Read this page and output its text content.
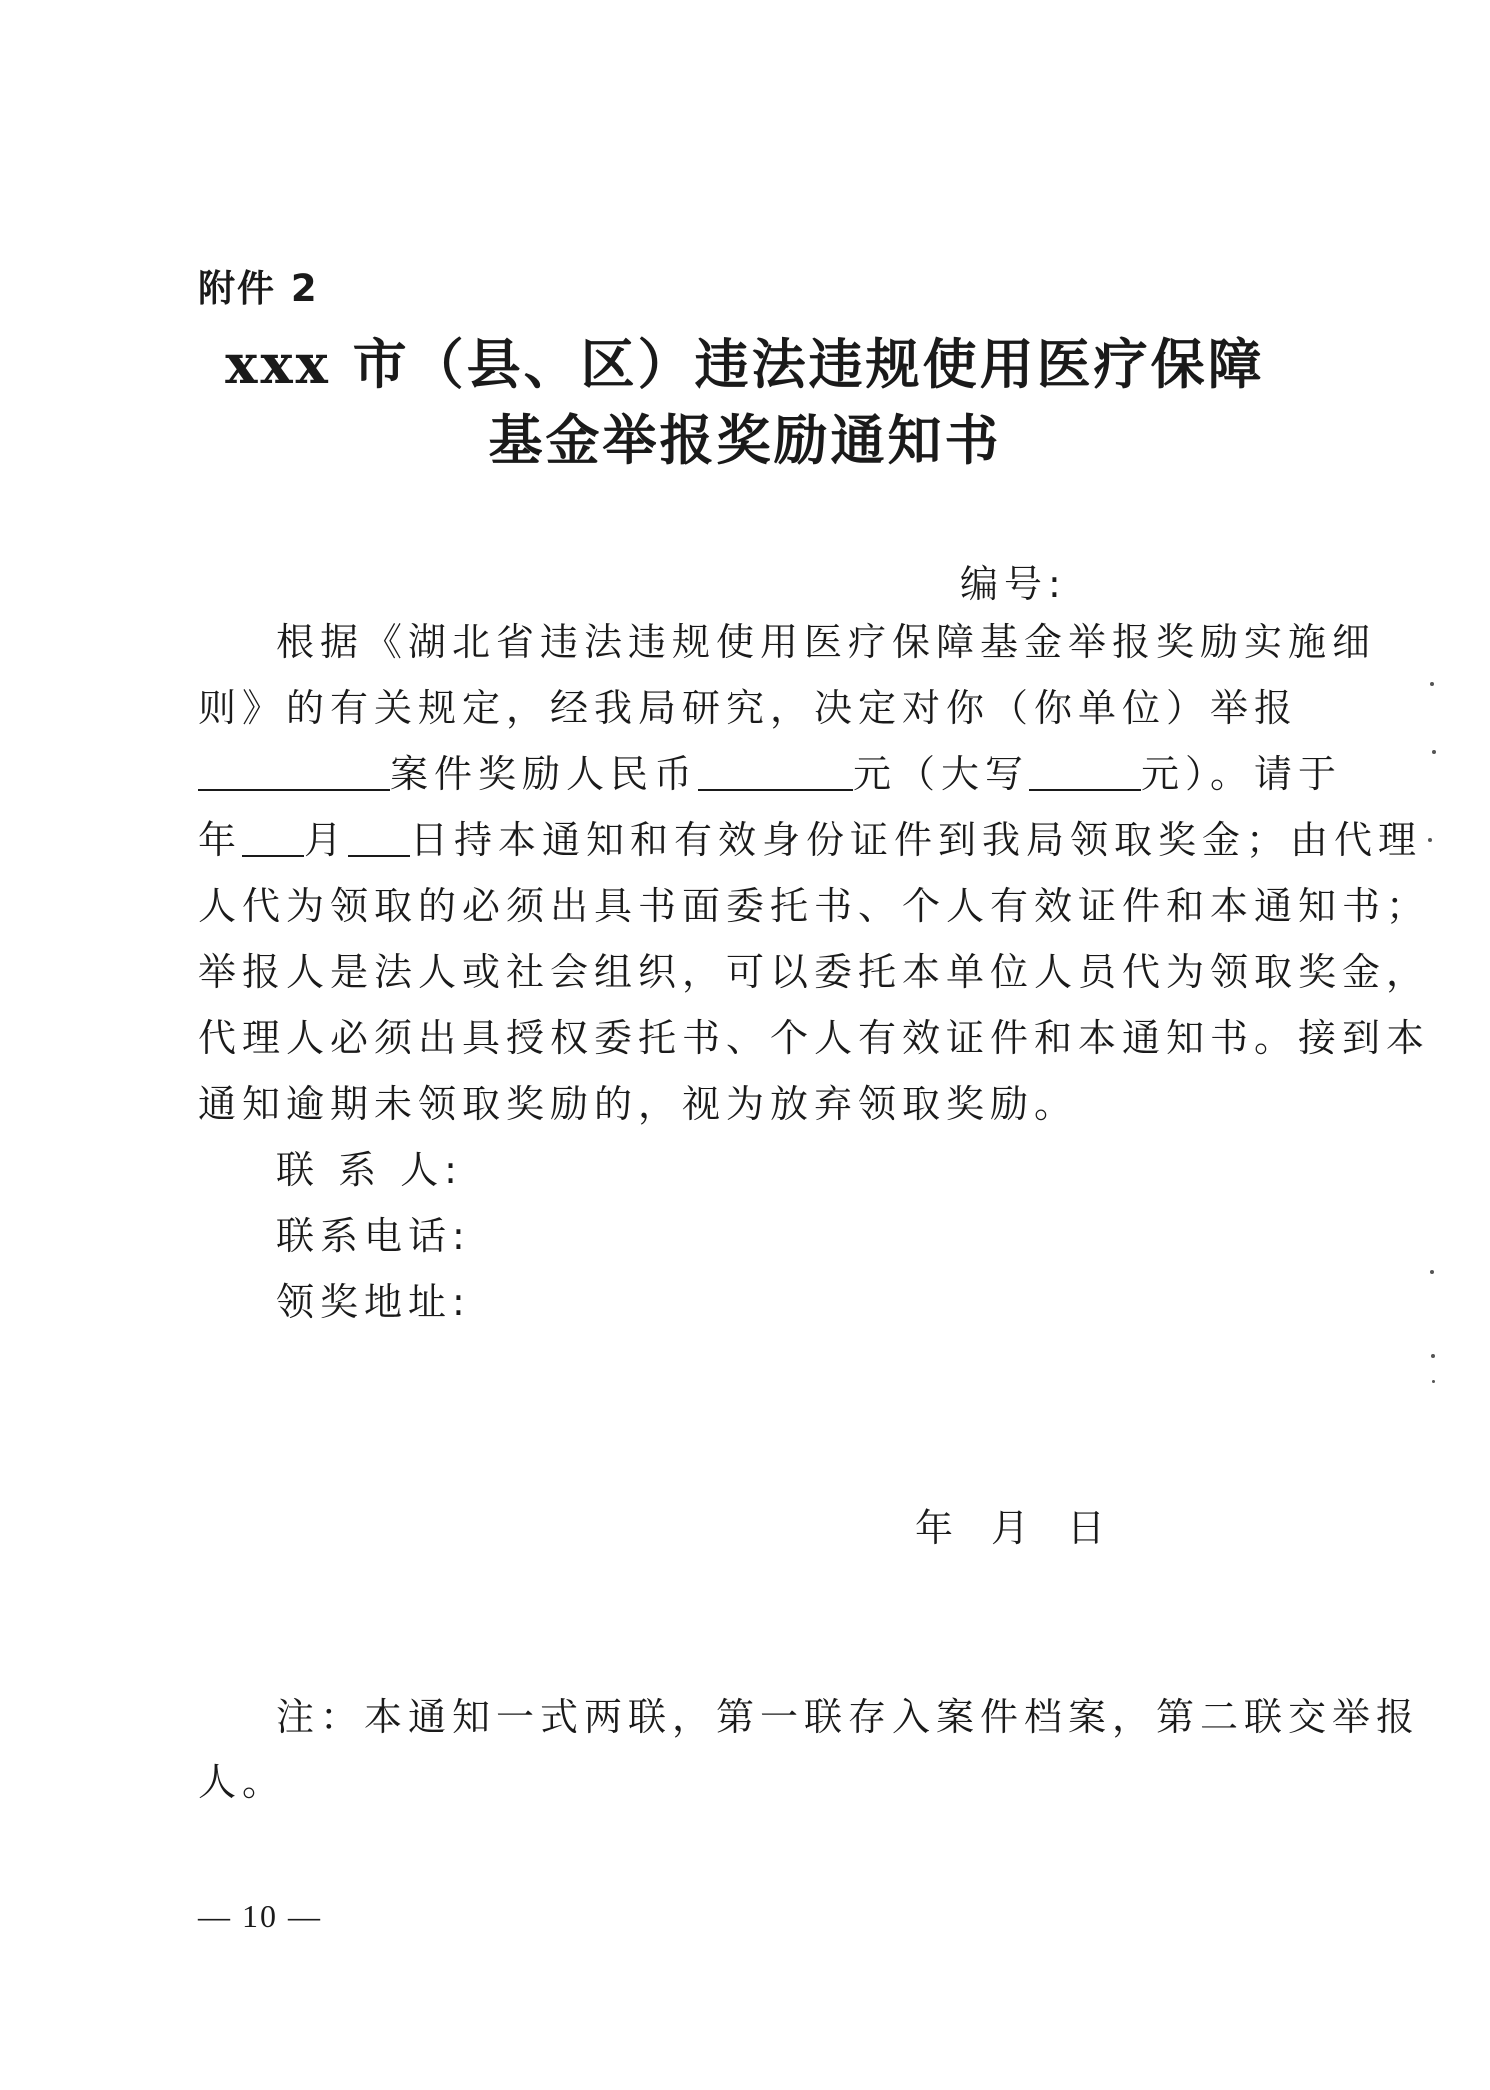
附件 2
xxx 市（县、区）违法违规使用医疗保障
基金举报奖励通知书
编号:
根据《湖北省违法违规使用医疗保障基金举报奖励实施细
则》的有关规定，经我局研究，决定对你（你单位）举报
案件奖励人民币	元（大写	元）。请于
年 月 日持本通知和有效身份证件到我局领取奖金；由代理
人代为领取的必须出具书面委托书、个人有效证件和本通知书；
举报人是法人或社会组织，可以委托本单位人员代为领取奖金，
代理人必须出具授权委托书、个人有效证件和本通知书。接到本
通知逾期未领取奖励的，视为放弃领取奖励。
联 系 人:
联系电话:
领奖地址:
年 月 日
注：本通知一式两联，第一联存入案件档案，第二联交举报
人。
— 10 —
